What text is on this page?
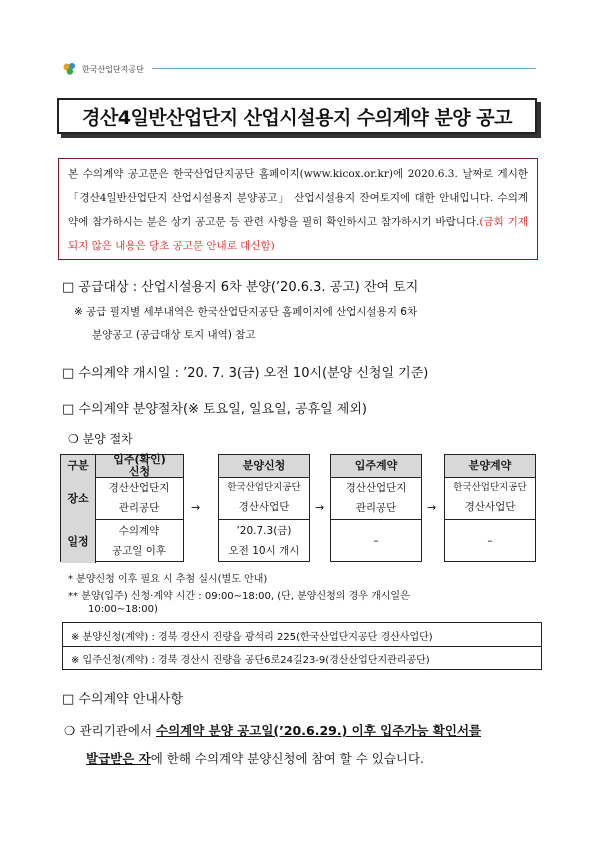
한국산업단지공단
경산4일반산업단지 산업시설용지 수의계약 분양 공고
본 수의계약 공고문은 한국산업단지공단 홈페이지(www.kicox.or.kr)에 2020.6.3. 날짜로 게시한 「경산4일반산업단지 산업시설용지 분양공고」 산업시설용지 잔여토지에 대한 안내입니다. 수의계약에 참가하시는 분은 상기 공고문 등 관련 사항을 필히 확인하시고 참가하시기 바랍니다.(금회 기재되지 않은 내용은 당초 공고문 안내로 대신함)
□ 공급대상 : 산업시설용지 6차 분양(’20.6.3. 공고) 잔여 토지
※ 공급 필지별 세부내역은 한국산업단지공단 홈페이지에 산업시설용지 6차
분양공고 (공급대상 토지 내역) 참고
□ 수의계약 개시일 : ’20. 7. 3(금) 오전 10시(분양 신청일 기준)
□ 수의계약 분양절차(※ 토요일, 일요일, 공휴일 제외)
❍ 분양 절차
구분	입주(확인)
신청
장소
일정
경산산업단지
관리공단
수의계약
공고일 이후
→
분양신청
한국산업단지공단
경산사업단
’20.7.3(금)
오전 10시 개시
→
입주계약
경산산업단지
관리공단
–
→
분양계약
한국산업단지공단
경산사업단
–
* 분양신청 이후 필요 시 추첨 실시(별도 안내)
** 분양(입주) 신청·계약 시간 : 09:00∼18:00, (단, 분양신청의 경우 개시일은
10:00∼18:00)
※ 분양신청(계약) : 경북 경산시 진량읍 광석리 225(한국산업단지공단 경산사업단)
※ 입주신청(계약) : 경북 경산시 진량읍 공단6로24길23-9(경산산업단지관리공단)
□ 수의계약 안내사항
❍ 관리기관에서 수의계약 분양 공고일(’20.6.29.) 이후 입주가능 확인서를
발급받은 자에 한해 수의계약 분양신청에 참여 할 수 있습니다.
